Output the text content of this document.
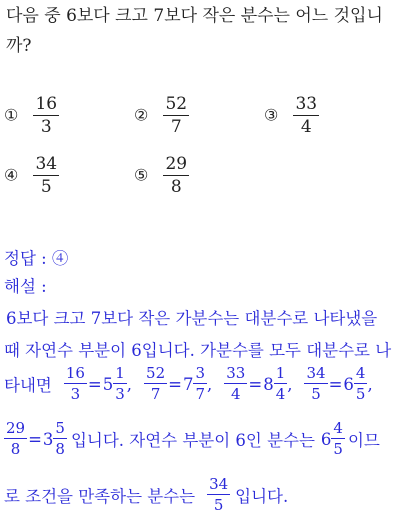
다음 중 6보다 크고 7보다 작은 분수는 어느 것입니
까?
① $\frac{16}{3}$	② $\frac{52}{7}$	③ $\frac{33}{4}$
④ $\frac{34}{5}$	⑤ $\frac{29}{8}$
정답 : ④
해설 :
6보다 크고 7보다 작은 가분수는 대분수로 나타냈을
때 자연수 부분이 6입니다. 가분수를 모두 대분수로 나
타내면 $\frac{16}{3} = 5 \frac{1}{3}$ , $\frac{52}{7} = 7 \frac{3}{7}$ , $\frac{33}{4} = 8 \frac{1}{4}$ , $\frac{34}{5} = 6 \frac{4}{5}$ ,
$\frac{29}{8} = 3 \frac{5}{8}$ 입니다. 자연수 부분이 6인 분수는 $6 \frac{4}{5}$ 이므
로 조건을 만족하는 분수는 $\frac{34}{5}$ 입니다.
